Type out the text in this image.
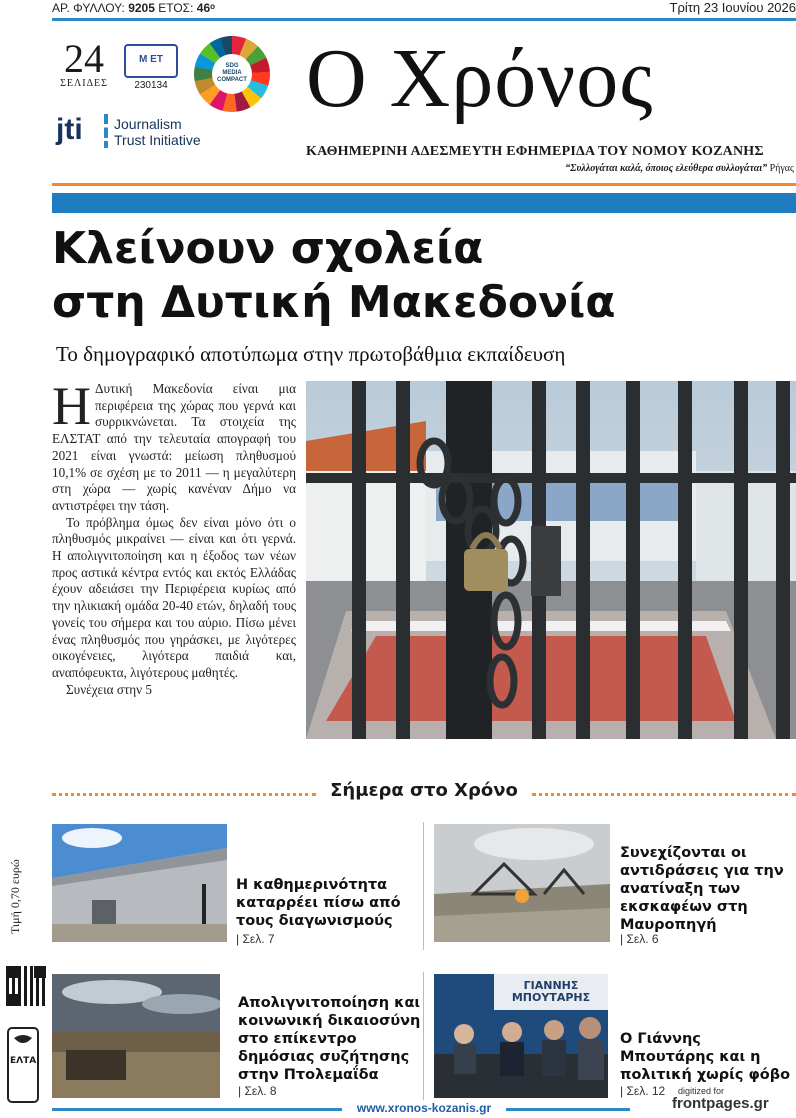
ΑΡ. ΦΥΛΛΟΥ: 9205 ΕΤΟΣ: 46ᵒ	Τρίτη 23 Ιουνίου 2026
24
ΣΕΛΙΔΕΣ
Μ ΕΤ
230134
SDG
MEDIA
COMPACT
jti Journalism
Trust Initiative
Ο Χρόνος
ΚΑΘΗΜΕΡΙΝΗ ΑΔΕΣΜΕΥΤΗ ΕΦΗΜΕΡΙΔΑ ΤΟΥ ΝΟΜΟΥ ΚΟΖΑΝΗΣ
“Συλλογάται καλά, όποιος ελεύθερα συλλογάται” Ρήγας
Κλείνουν σχολεία
στη Δυτική Μακεδονία
Το δημογραφικό αποτύπωμα στην πρωτοβάθμια εκπαίδευση

Η Δυτική Μακεδονία είναι μια περιφέρεια της χώρας που γερνά και συρρικνώνεται. Τα στοιχεία της ΕΛΣΤΑΤ από την τελευταία απογραφή του 2021 είναι γνωστά: μείωση πληθυσμού 10,1% σε σχέση με το 2011 — η μεγαλύτερη στη χώρα — χωρίς κανέναν Δήμο να αντιστρέφει την τάση.

Το πρόβλημα όμως δεν είναι μόνο ότι ο πληθυσμός μικραίνει — είναι και ότι γερνά. Η απολιγνιτοποίηση και η έξοδος των νέων προς αστικά κέντρα εντός και εκτός Ελλάδας έχουν αδειάσει την Περιφέρεια κυρίως από την ηλικιακή ομάδα 20-40 ετών, δηλαδή τους γονείς του σήμερα και του αύριο. Πίσω μένει ένας πληθυσμός που γηράσκει, με λιγότερες οικογένειες, λιγότερα παιδιά και, αναπόφευκτα, λιγότερους μαθητές.

Συνέχεια στην 5

Σήμερα στο Χρόνο
Η καθημερινότητα καταρρέει πίσω από τους διαγωνισμούς
| Σελ. 7
Συνεχίζονται οι αντιδράσεις για την ανατίναξη των εκσκαφέων στη Μαυροπηγή
| Σελ. 6
Απολιγνιτοποίηση και κοινωνική δικαιοσύνη στο επίκεντρο δημόσιας συζήτησης στην Πτολεμαΐδα
| Σελ. 8
ΓΙΑΝΝΗΣ ΜΠΟΥΤΑΡΗΣ
Ο Γιάννης Μπουτάρης και η πολιτική χωρίς φόβο
| Σελ. 12
Τιμή 0,70 ευρώ
ΕΛΤΑ
www.xronos-kozanis.gr
digitized for
frontpages.gr
